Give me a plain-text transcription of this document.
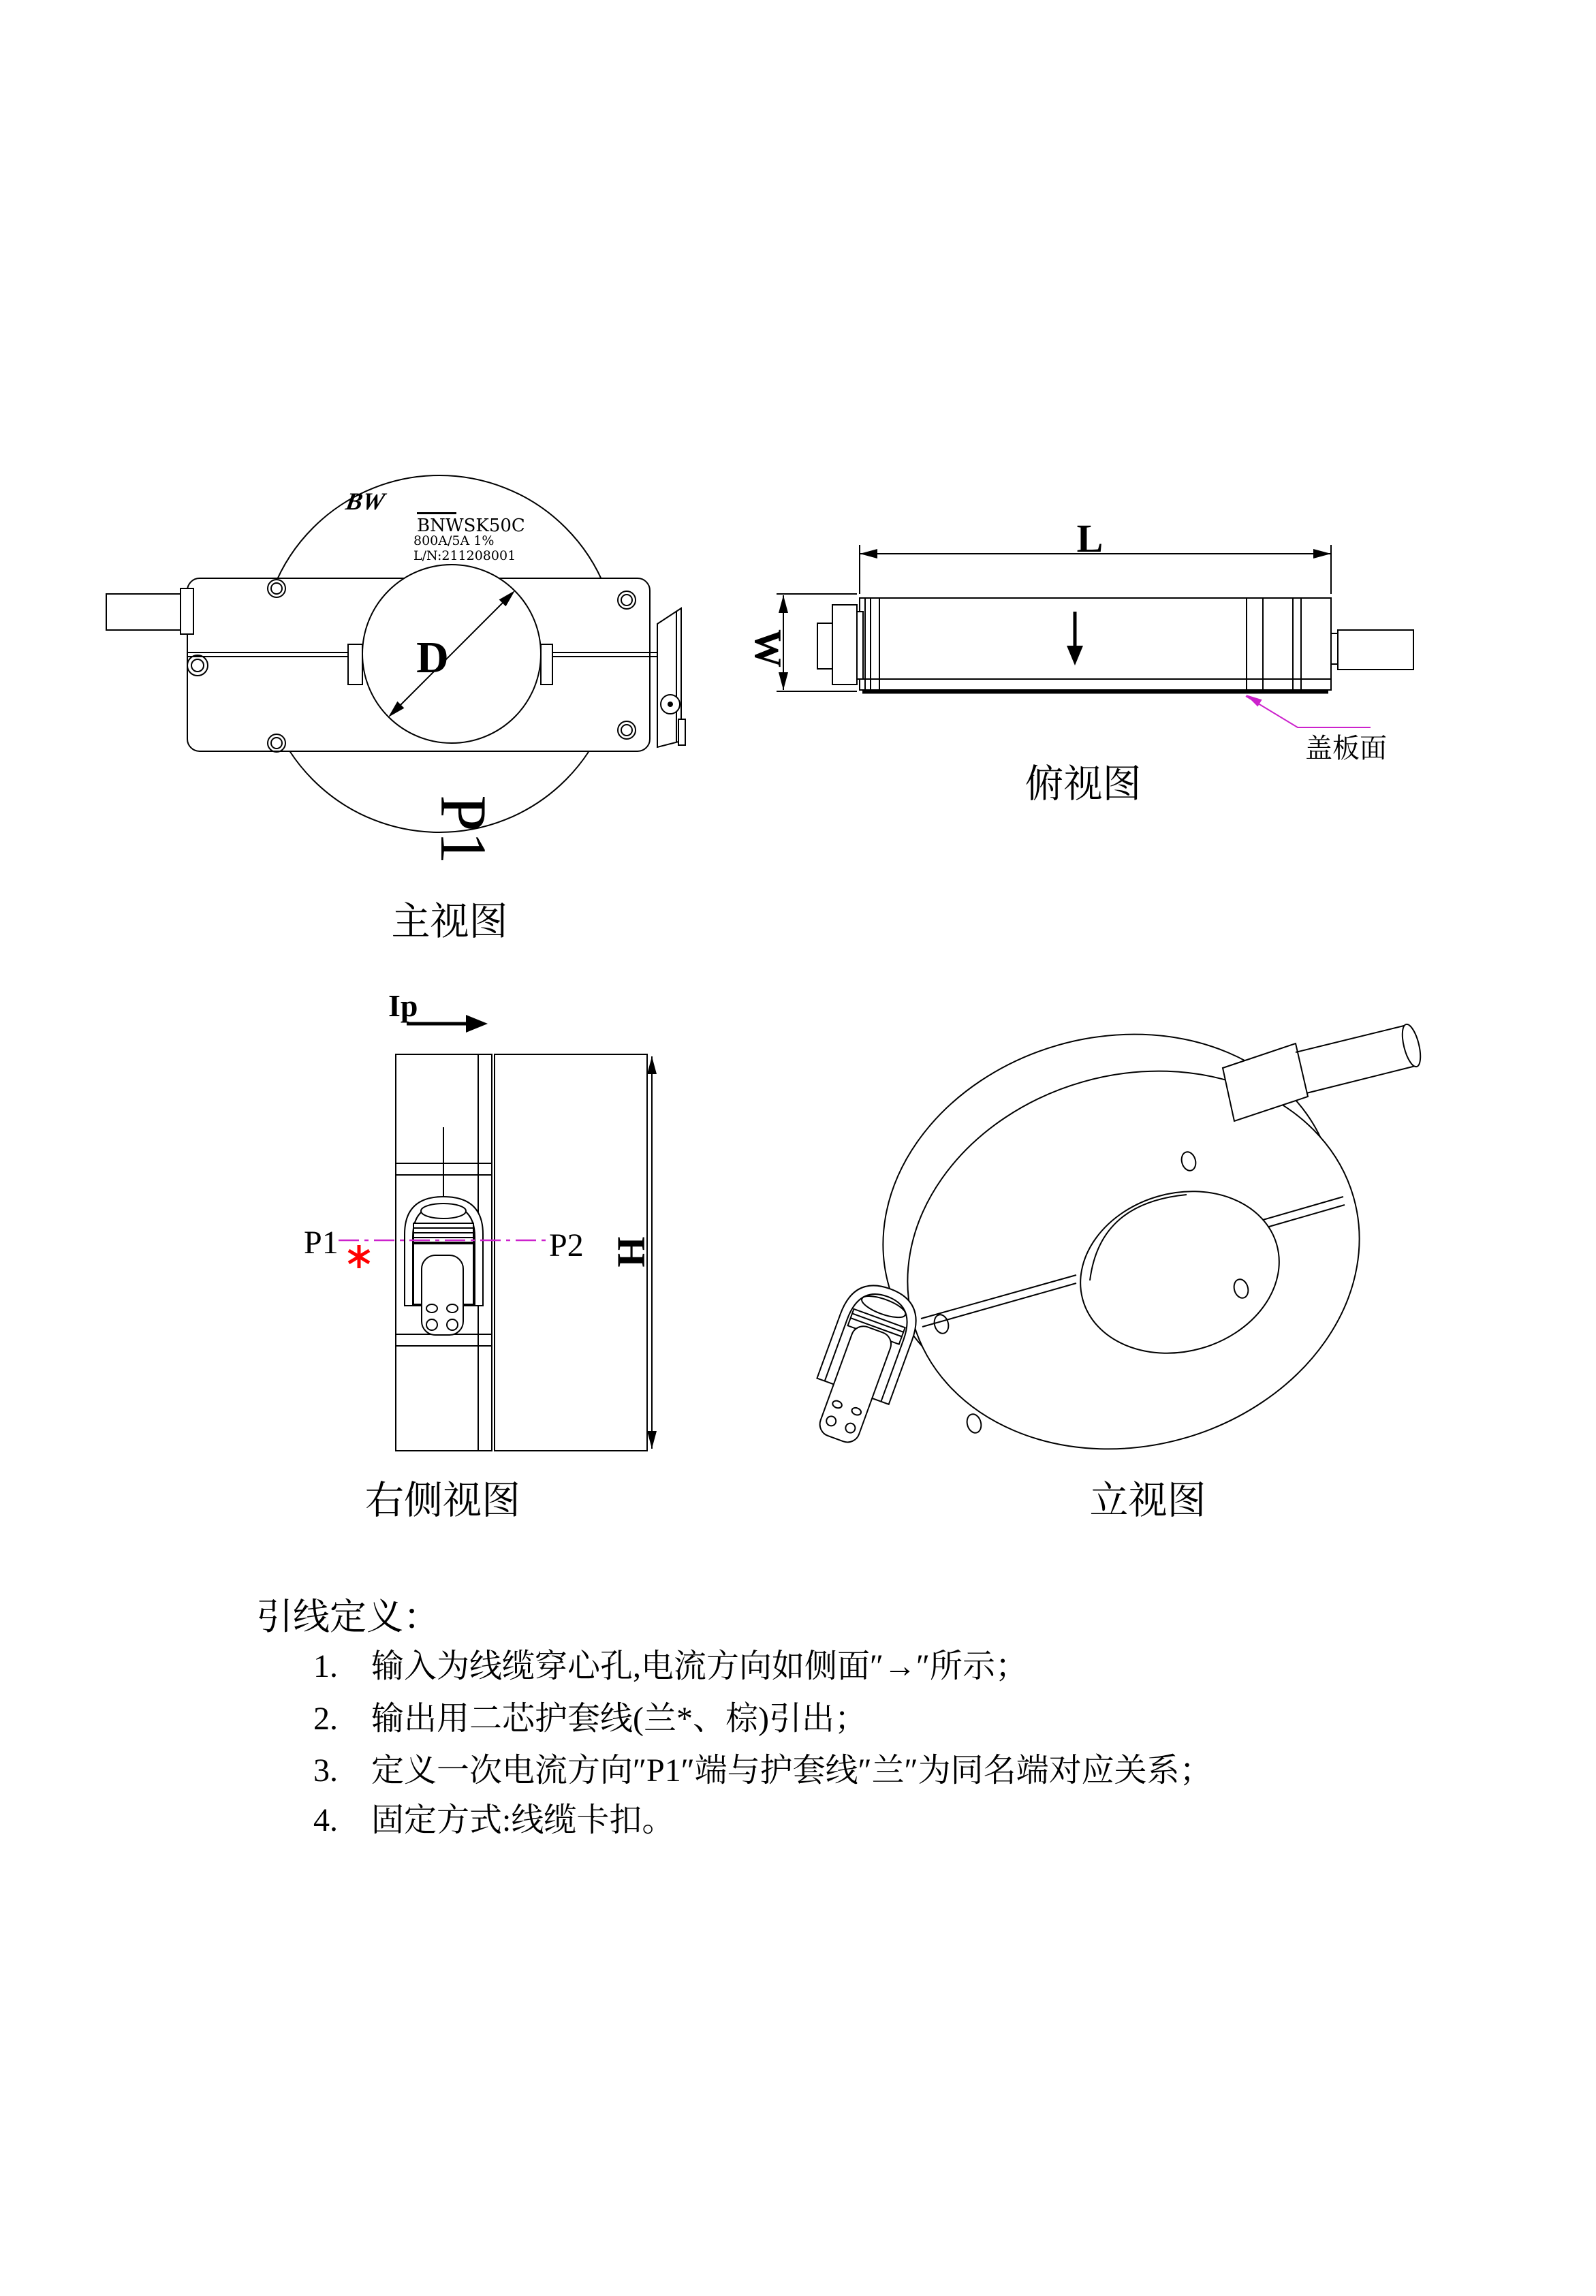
D
BW
BNWSK50C
800A/5A 1%
L/N:211208001
P1
主视图
L
W
盖板面
俯视图
Ip
P1	P2 H
右侧视图	立视图
引线定义：
1. 输入为线缆穿心孔,电流方向如侧面″→″所示；
2. 输出用二芯护套线(兰*、棕)引出；
3. 定义一次电流方向″P1″端与护套线″兰″为同名端对应关系；
4. 固定方式:线缆卡扣。
